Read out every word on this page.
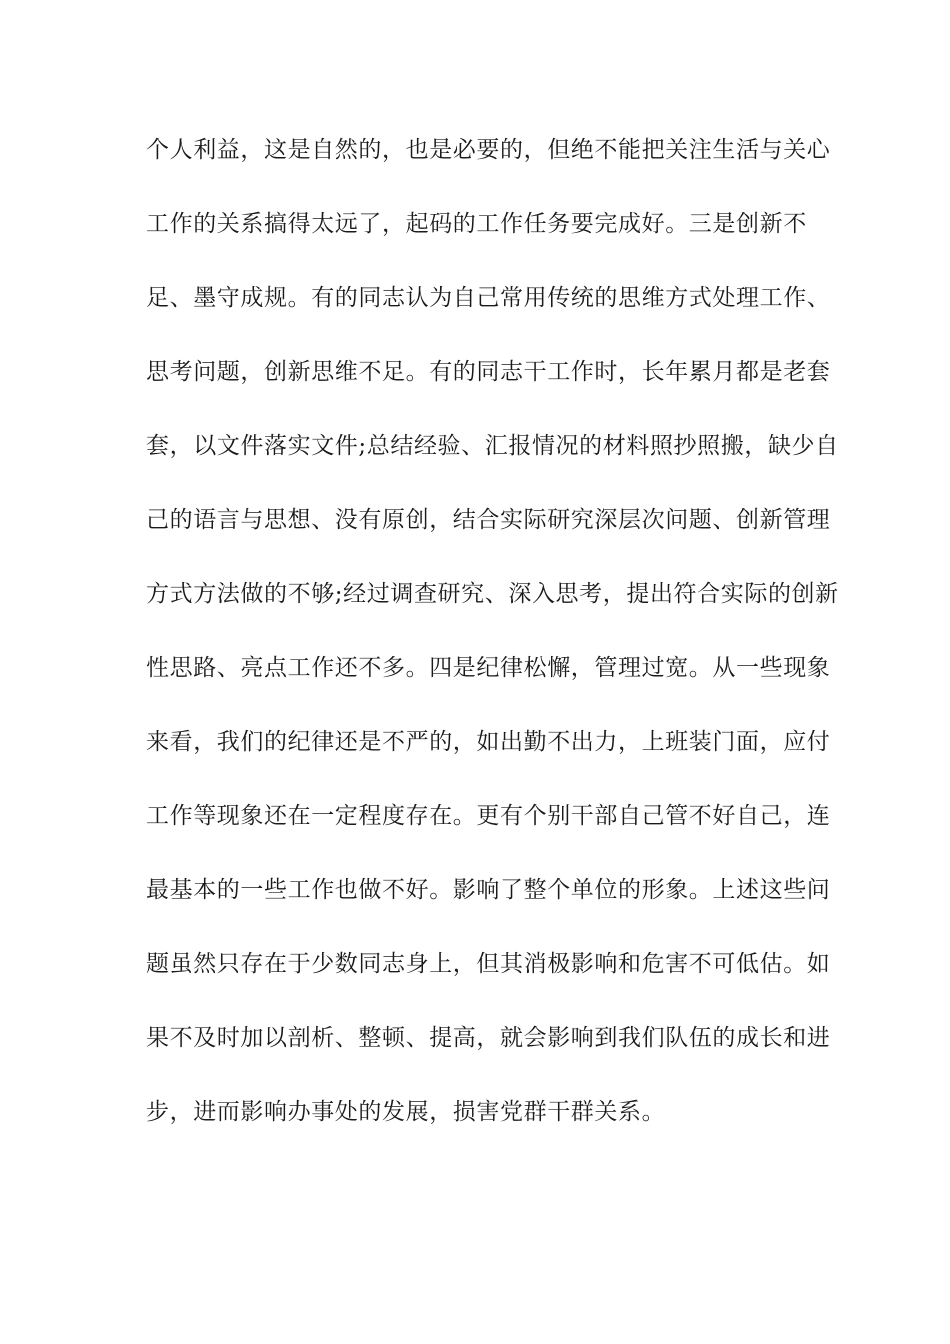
个人利益，这是自然的，也是必要的，但绝不能把关注生活与关心
工作的关系搞得太远了，起码的工作任务要完成好。三是创新不
足、墨守成规。有的同志认为自己常用传统的思维方式处理工作、
思考问题，创新思维不足。有的同志干工作时，长年累月都是老套
套，以文件落实文件;总结经验、汇报情况的材料照抄照搬，缺少自
己的语言与思想、没有原创，结合实际研究深层次问题、创新管理
方式方法做的不够;经过调查研究、深入思考，提出符合实际的创新
性思路、亮点工作还不多。四是纪律松懈，管理过宽。从一些现象
来看，我们的纪律还是不严的，如出勤不出力，上班装门面，应付
工作等现象还在一定程度存在。更有个别干部自己管不好自己，连
最基本的一些工作也做不好。影响了整个单位的形象。上述这些问
题虽然只存在于少数同志身上，但其消极影响和危害不可低估。如
果不及时加以剖析、整顿、提高，就会影响到我们队伍的成长和进
步，进而影响办事处的发展，损害党群干群关系。
